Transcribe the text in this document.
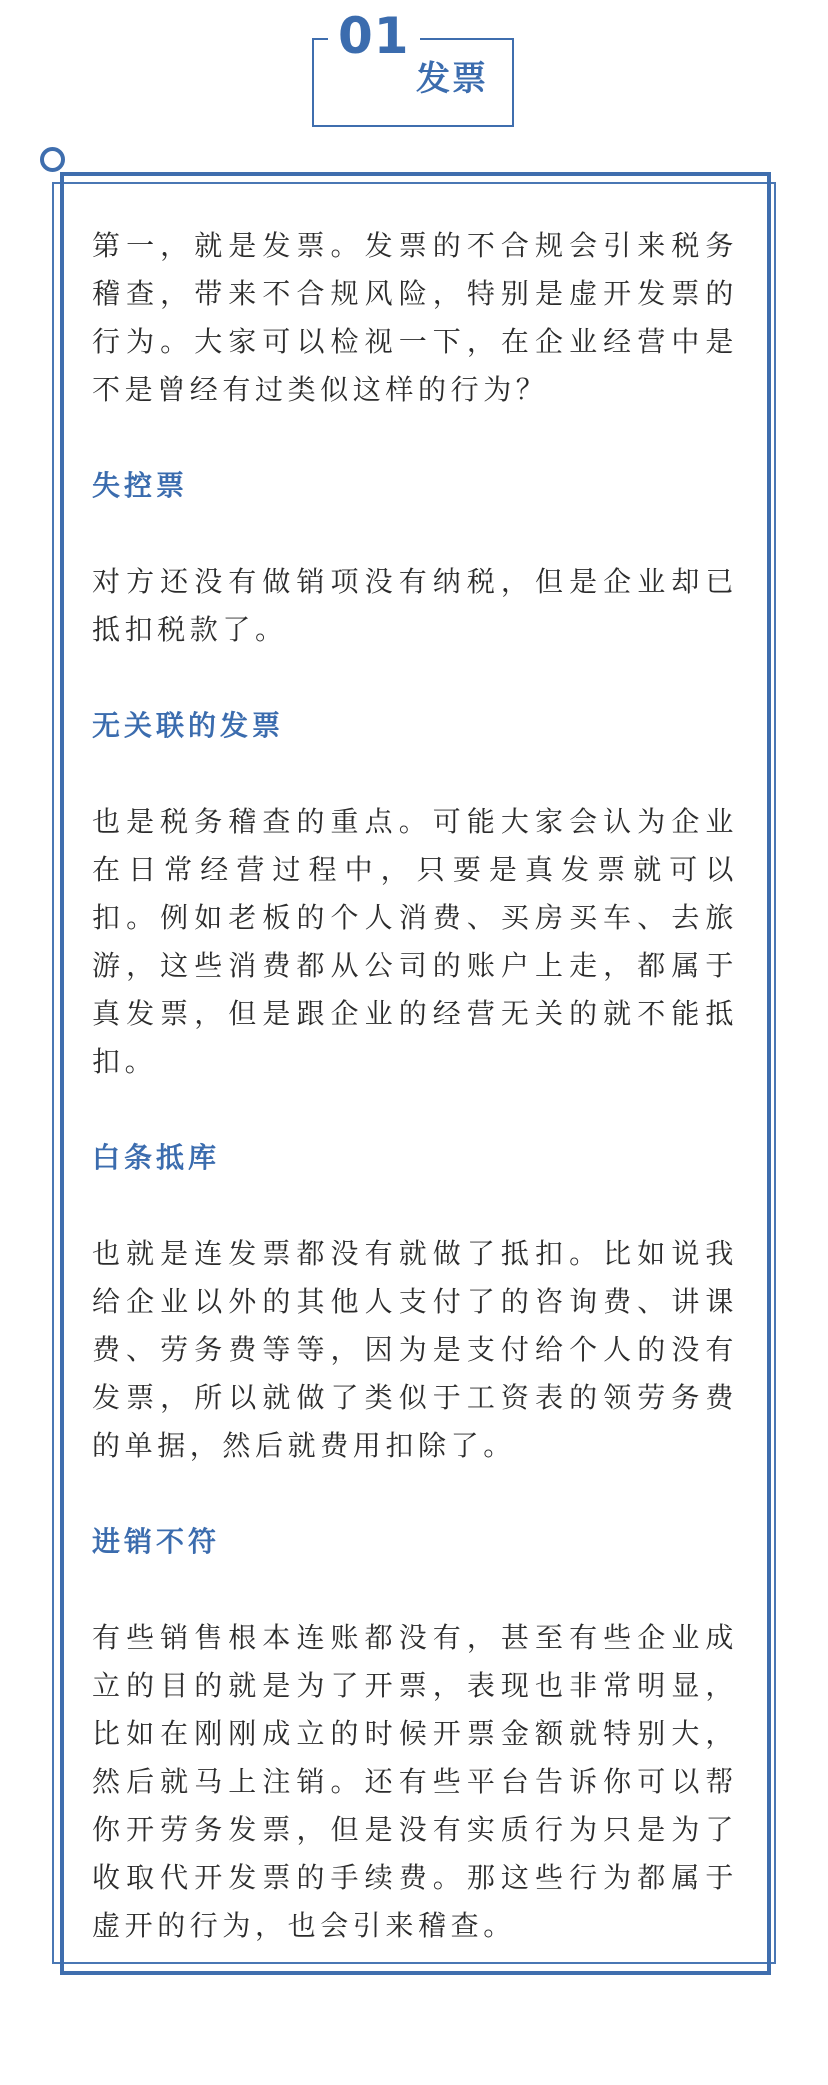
01
发票

第一，就是发票。发票的不合规会引来税务稽查，带来不合规风险，特别是虚开发票的行为。大家可以检视一下，在企业经营中是不是曾经有过类似这样的行为？

失控票

对方还没有做销项没有纳税，但是企业却已抵扣税款了。

无关联的发票

也是税务稽查的重点。可能大家会认为企业在日常经营过程中，只要是真发票就可以扣。例如老板的个人消费、买房买车、去旅游，这些消费都从公司的账户上走，都属于真发票，但是跟企业的经营无关的就不能抵扣。

白条抵库

也就是连发票都没有就做了抵扣。比如说我给企业以外的其他人支付了的咨询费、讲课费、劳务费等等，因为是支付给个人的没有发票，所以就做了类似于工资表的领劳务费的单据，然后就费用扣除了。

进销不符

有些销售根本连账都没有，甚至有些企业成立的目的就是为了开票，表现也非常明显，比如在刚刚成立的时候开票金额就特别大，然后就马上注销。还有些平台告诉你可以帮你开劳务发票，但是没有实质行为只是为了收取代开发票的手续费。那这些行为都属于虚开的行为，也会引来稽查。
